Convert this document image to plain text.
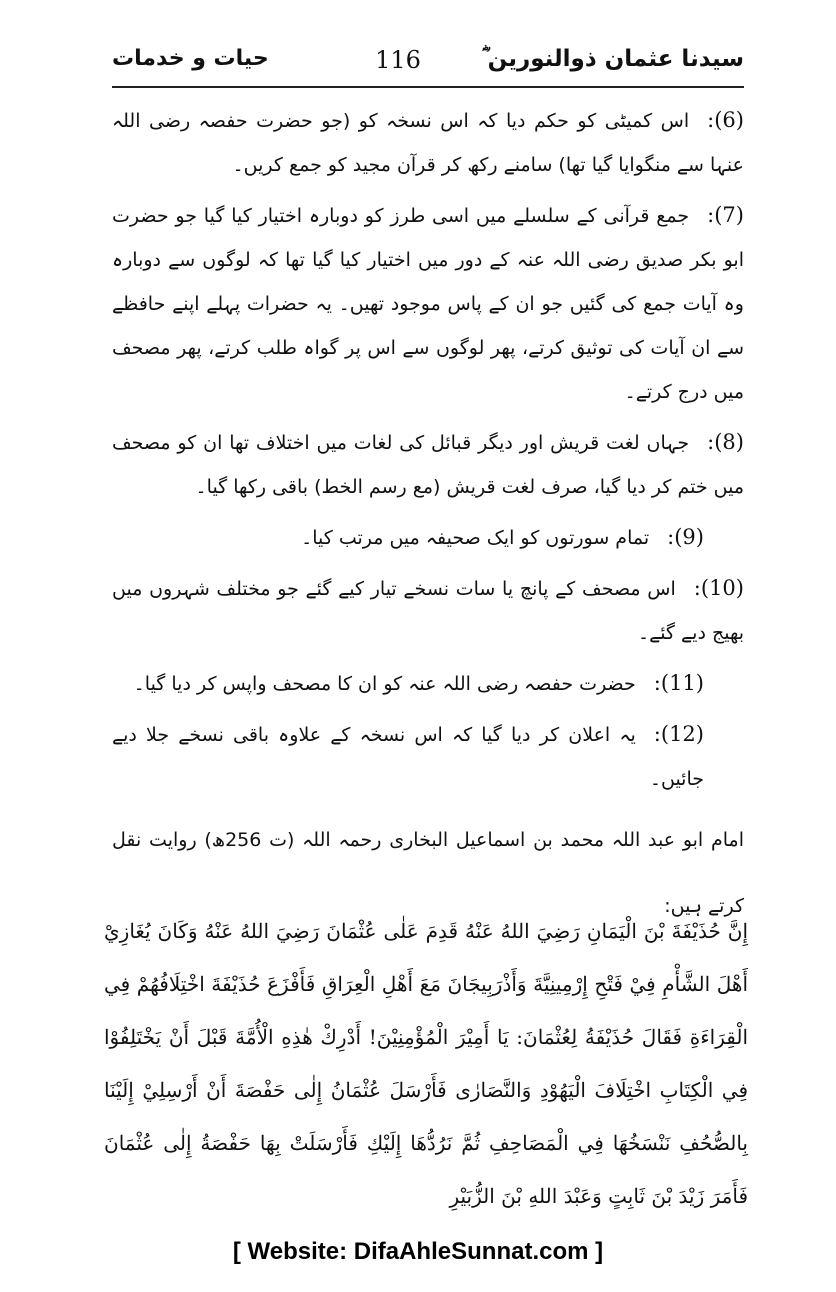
سیدنا عثمان ذوالنورین ؓ
116
حیات و خدمات

(6):اس کمیٹی کو حکم دیا کہ اس نسخہ کو (جو حضرت حفصہ رضی اللہ عنہا سے منگوایا گیا تھا) سامنے رکھ کر قرآن مجید کو جمع کریں۔

(7):جمع قرآنی کے سلسلے میں اسی طرز کو دوبارہ اختیار کیا گیا جو حضرت ابو بکر صدیق رضی اللہ عنہ کے دور میں اختیار کیا گیا تھا کہ لوگوں سے دوبارہ وہ آیات جمع کی گئیں جو ان کے پاس موجود تھیں۔ یہ حضرات پہلے اپنے حافظے سے ان آیات کی توثیق کرتے، پھر لوگوں سے اس پر گواہ طلب کرتے، پھر مصحف میں درج کرتے۔

(8):جہاں لغت قریش اور دیگر قبائل کی لغات میں اختلاف تھا ان کو مصحف میں ختم کر دیا گیا، صرف لغت قریش (مع رسم الخط) باقی رکھا گیا۔

(9):تمام سورتوں کو ایک صحیفہ میں مرتب کیا۔

(10):اس مصحف کے پانچ یا سات نسخے تیار کیے گئے جو مختلف شہروں میں بھیج دیے گئے۔

(11):حضرت حفصہ رضی اللہ عنہ کو ان کا مصحف واپس کر دیا گیا۔

(12):یہ اعلان کر دیا گیا کہ اس نسخہ کے علاوہ باقی نسخے جلا دیے جائیں۔

امام ابو عبد اللہ محمد بن اسماعیل البخاری رحمہ اللہ (ت 256ھ) روایت نقل کرتے ہیں:

إِنَّ حُذَيْفَةَ بْنَ الْيَمَانِ رَضِيَ اللهُ عَنْهُ قَدِمَ عَلٰى عُثْمَانَ رَضِيَ اللهُ عَنْهُ وَكَانَ يُغَازِيْ أَهْلَ الشَّأْمِ فِيْ فَتْحِ إِرْمِينِيَّةَ وَأَذْرَبِيجَانَ مَعَ أَهْلِ الْعِرَاقِ فَأَفْزَعَ حُذَيْفَةَ اخْتِلَافُهُمْ فِي الْقِرَاءَةِ فَقَالَ حُذَيْفَةُ لِعُثْمَانَ: يَا أَمِيْرَ الْمُؤْمِنِيْنَ! أَدْرِكْ هٰذِهِ الْأُمَّةَ قَبْلَ أَنْ يَخْتَلِفُوْا فِي الْكِتَابِ اخْتِلَافَ الْيَهُوْدِ وَالنَّصَارٰى فَأَرْسَلَ عُثْمَانُ إِلٰى حَفْصَةَ أَنْ أَرْسِلِيْ إِلَيْنَا بِالصُّحُفِ نَنْسَخُهَا فِي الْمَصَاحِفِ ثُمَّ نَرُدُّهَا إِلَيْكِ فَأَرْسَلَتْ بِهَا حَفْصَةُ إِلٰى عُثْمَانَ فَأَمَرَ زَيْدَ بْنَ ثَابِتٍ وَعَبْدَ اللهِ بْنَ الزُّبَيْرِ
[ Website: DifaAhleSunnat.com ]
